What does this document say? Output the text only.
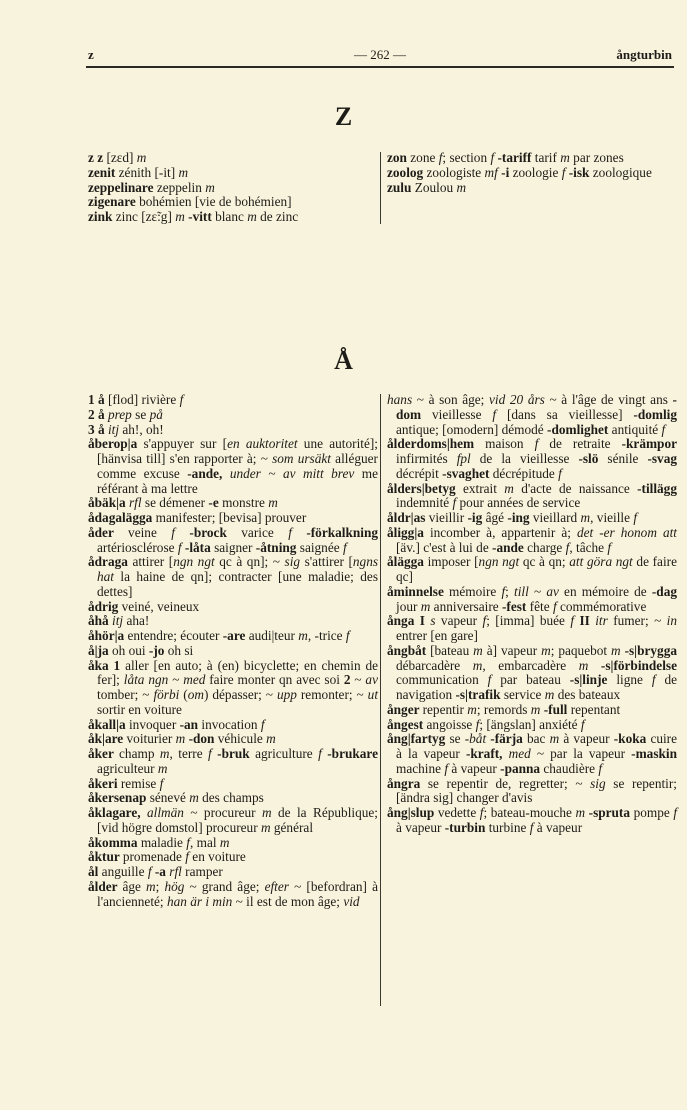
z	— 262 —	ångturbin
Z

z z [zɛd] m

zenit zénith [-it] m

zeppelinare zeppelin m

zigenare bohémien [vie de bohémien]

zink zinc [zɛ̃:g] m -vitt blanc m de zinc

zon zone f; section f -tariff tarif m par zones

zoolog zoologiste mf -i zoologie f -isk zoologique

zulu Zoulou m

Å

1 å [flod] rivière f

2 å prep se på

3 å itj ah!, oh!

åberop|a s'appuyer sur [en auktoritet une autorité]; [hänvisa till] s'en rapporter à; ~ som ursäkt alléguer comme excuse -ande, under ~ av mitt brev me référant à ma lettre

åbäk|a rfl se démener -e monstre m

ådagalägga manifester; [bevisa] prouver

åder veine f -brock varice f -förkalkning artériosclérose f -låta saigner -åtning saignée f

ådraga attirer [ngn ngt qc à qn]; ~ sig s'attirer [ngns hat la haine de qn]; contracter [une maladie; des dettes]

ådrig veiné, veineux

åhå itj aha!

åhör|a entendre; écouter -are audi|teur m, -trice f

å|ja oh oui -jo oh si

åka 1 aller [en auto; à (en) bicyclette; en chemin de fer]; låta ngn ~ med faire monter qn avec soi 2 ~ av tomber; ~ förbi (om) dépasser; ~ upp remonter; ~ ut sortir en voiture

åkall|a invoquer -an invocation f

åk|are voiturier m -don véhicule m

åker champ m, terre f -bruk agriculture f -brukare agriculteur m

åkeri remise f

åkersenap sénevé m des champs

åklagare, allmän ~ procureur m de la République; [vid högre domstol] procureur m général

åkomma maladie f, mal m

åktur promenade f en voiture

ål anguille f -a rfl ramper

ålder âge m; hög ~ grand âge; efter ~ [befordran] à l'ancienneté; han är i min ~ il est de mon âge; vid

hans ~ à son âge; vid 20 års ~ à l'âge de vingt ans -dom vieillesse f [dans sa vieillesse] -domlig antique; [omodern] démodé -domlighet antiquité f

ålderdoms|hem maison f de retraite -krämpor infirmités fpl de la vieillesse -slö sénile -svag décrépit -svaghet décrépitude f

ålders|betyg extrait m d'acte de naissance -tillägg indemnité f pour années de service

åldr|as vieillir -ig âgé -ing vieillard m, vieille f

åligg|a incomber à, appartenir à; det -er honom att [äv.] c'est à lui de -ande charge f, tâche f

ålägga imposer [ngn ngt qc à qn; att göra ngt de faire qc]

åminnelse mémoire f; till ~ av en mémoire de -dag jour m anniversaire -fest fête f commémorative

ånga I s vapeur f; [imma] buée f II itr fumer; ~ in entrer [en gare]

ångbåt [bateau m à] vapeur m; paquebot m -s|brygga débarcadère m, embarcadère m -s|förbindelse communication f par bateau -s|linje ligne f de navigation -s|trafik service m des bateaux

ånger repentir m; remords m -full repentant

ångest angoisse f; [ängslan] anxiété f

ång|fartyg se -båt -färja bac m à vapeur -koka cuire à la vapeur -kraft, med ~ par la vapeur -maskin machine f à vapeur -panna chaudière f

ångra se repentir de, regretter; ~ sig se repentir; [ändra sig] changer d'avis

ång|slup vedette f; bateau-mouche m -spruta pompe f à vapeur -turbin turbine f à vapeur
